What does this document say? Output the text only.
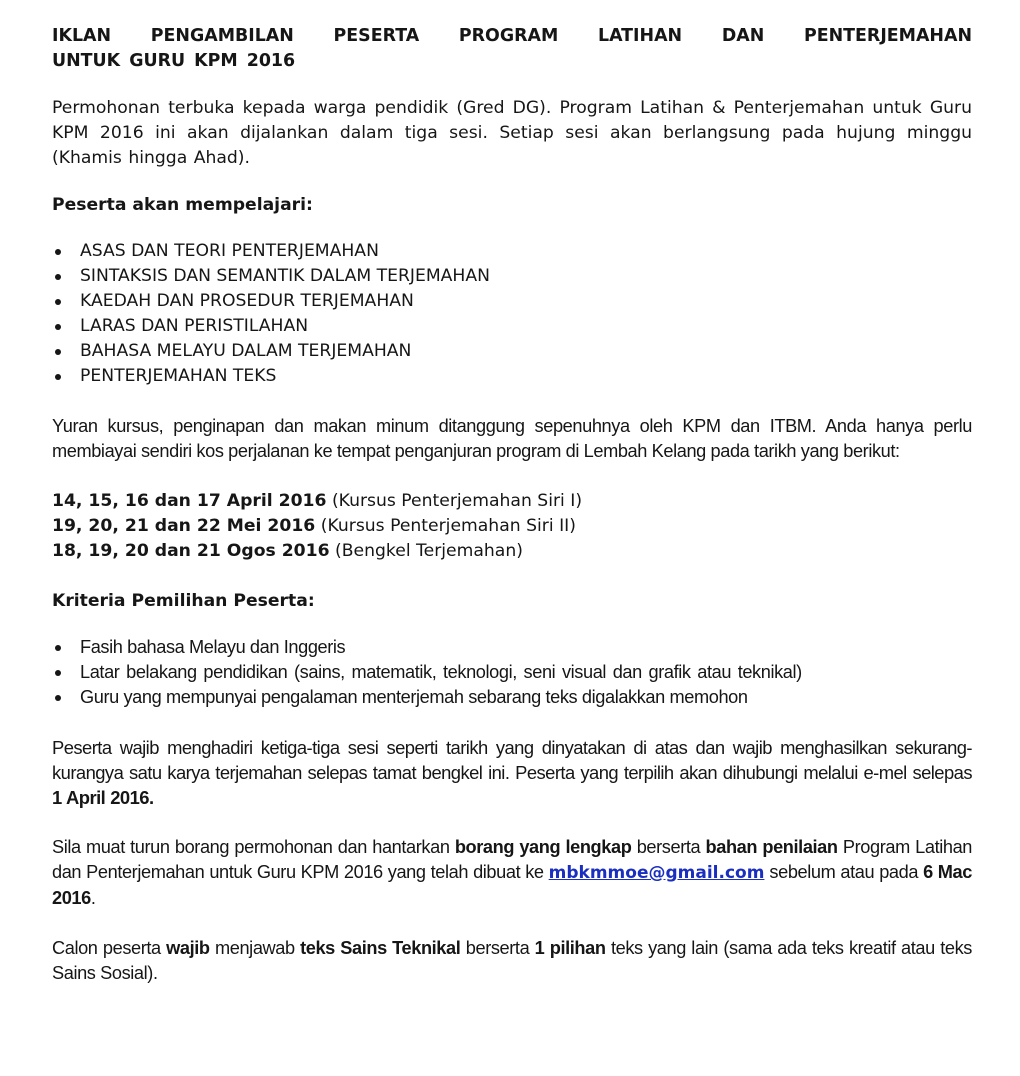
IKLAN PENGAMBILAN PESERTA PROGRAM LATIHAN DAN PENTERJEMAHAN
UNTUK GURU KPM 2016

Permohonan terbuka kepada warga pendidik (Gred DG). Program Latihan & Penterjemahan untuk Guru KPM 2016 ini akan dijalankan dalam tiga sesi. Setiap sesi akan berlangsung pada hujung minggu (Khamis hingga Ahad).

Peserta akan mempelajari:
ASAS DAN TEORI PENTERJEMAHAN
SINTAKSIS DAN SEMANTIK DALAM TERJEMAHAN
KAEDAH DAN PROSEDUR TERJEMAHAN
LARAS DAN PERISTILAHAN
BAHASA MELAYU DALAM TERJEMAHAN
PENTERJEMAHAN TEKS

Yuran kursus, penginapan dan makan minum ditanggung sepenuhnya oleh KPM dan ITBM. Anda hanya perlu membiayai sendiri kos perjalanan ke tempat penganjuran program di Lembah Kelang pada tarikh yang berikut:

14, 15, 16 dan 17 April 2016 (Kursus Penterjemahan Siri I)
19, 20, 21 dan 22 Mei 2016 (Kursus Penterjemahan Siri II)
18, 19, 20 dan 21 Ogos 2016 (Bengkel Terjemahan)
Kriteria Pemilihan Peserta:
Fasih bahasa Melayu dan Inggeris
Latar belakang pendidikan (sains, matematik, teknologi, seni visual dan grafik atau teknikal)
Guru yang mempunyai pengalaman menterjemah sebarang teks digalakkan memohon

Peserta wajib menghadiri ketiga-tiga sesi seperti tarikh yang dinyatakan di atas dan wajib menghasilkan sekurang-kurangya satu karya terjemahan selepas tamat bengkel ini. Peserta yang terpilih akan dihubungi melalui e-mel selepas 1 April 2016.

Sila muat turun borang permohonan dan hantarkan borang yang lengkap berserta bahan penilaian Program Latihan dan Penterjemahan untuk Guru KPM 2016 yang telah dibuat ke mbkmmoe@gmail.com sebelum atau pada 6 Mac 2016.

Calon peserta wajib menjawab teks Sains Teknikal berserta 1 pilihan teks yang lain (sama ada teks kreatif atau teks Sains Sosial).
